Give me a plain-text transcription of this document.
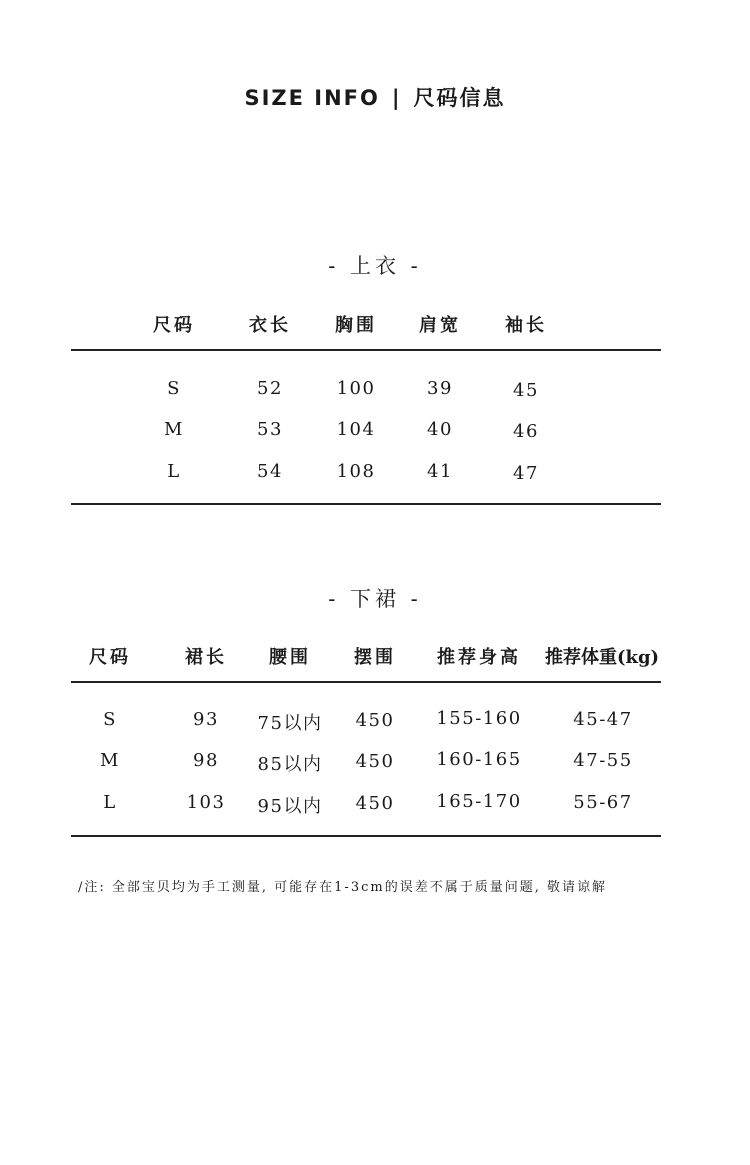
SIZE INFO | 尺码信息
- 上衣 -
尺码	衣长 胸围 肩宽 袖长
S	52	100	39	45
M	53	104	40	46
L	54	108	41	47
- 下裙 -
尺码	裙长 腰围 摆围 推荐身高 推荐体重(kg)
S	93 75以内 450 155-160	45-47
M	98 85以内 450 160-165	47-55
L	103 95以内 450 165-170	55-67
/注: 全部宝贝均为手工测量, 可能存在1-3cm的误差不属于质量问题, 敬请谅解
